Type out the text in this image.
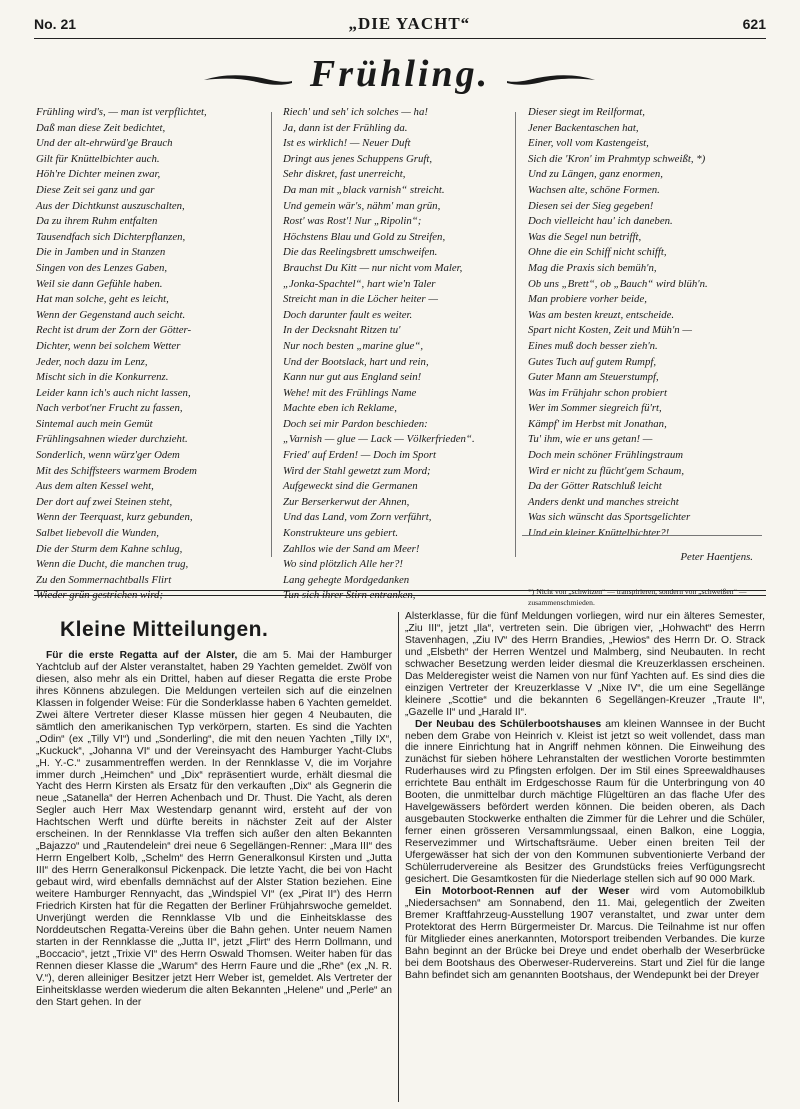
No. 21	„DIE YACHT“	621
Frühling.
Frühling wird's, — man ist verpflichtet,
Daß man diese Zeit bedichtet,
Und der alt-ehrwürd'ge Brauch
Gilt für Knüttelbichter auch.
Höh're Dichter meinen zwar,
Diese Zeit sei ganz und gar
Aus der Dichtkunst auszuschalten,
Da zu ihrem Ruhm entfalten
Tausendfach sich Dichterpflanzen,
Die in Jamben und in Stanzen
Singen von des Lenzes Gaben,
Weil sie dann Gefühle haben.
Hat man solche, geht es leicht,
Wenn der Gegenstand auch seicht.
Recht ist drum der Zorn der Götter-
Dichter, wenn bei solchem Wetter
Jeder, noch dazu im Lenz,
Mischt sich in die Konkurrenz.
Leider kann ich's auch nicht lassen,
Nach verbot'ner Frucht zu fassen,
Sintemal auch mein Gemüt
Frühlingsahnen wieder durchzieht.
Sonderlich, wenn würz'ger Odem
Mit des Schiffsteers warmem Brodem
Aus dem alten Kessel weht,
Der dort auf zwei Steinen steht,
Wenn der Teerquast, kurz gebunden,
Salbet liebevoll die Wunden,
Die der Sturm dem Kahne schlug,
Wenn die Ducht, die manchen trug,
Zu den Sommernachtballs Flirt
Wieder grün gestrichen wird;
Riech' und seh' ich solches — ha!
Ja, dann ist der Frühling da.
Ist es wirklich! — Neuer Duft
Dringt aus jenes Schuppens Gruft,
Sehr diskret, fast unerreicht,
Da man mit „black varnish“ streicht.
Und gemein wär's, nähm' man grün,
Rost' was Rost'! Nur „Ripolin“;
Höchstens Blau und Gold zu Streifen,
Die das Reelingsbrett umschweifen.
Brauchst Du Kitt — nur nicht vom Maler,
„Jonka-Spachtel“, hart wie'n Taler
Streicht man in die Löcher heiter —
Doch darunter fault es weiter.
In der Decksnaht Ritzen tu'
Nur noch besten „marine glue“,
Und der Bootslack, hart und rein,
Kann nur gut aus England sein!
Wehe! mit des Frühlings Name
Machte eben ich Reklame,
Doch sei mir Pardon beschieden:
„Varnish — glue — Lack — Völkerfrieden“.
Fried' auf Erden! — Doch im Sport
Wird der Stahl gewetzt zum Mord;
Aufgeweckt sind die Germanen
Zur Berserkerwut der Ahnen,
Und das Land, vom Zorn verführt,
Konstrukteure uns gebiert.
Zahllos wie der Sand am Meer!
Wo sind plötzlich Alle her?!
Lang gehegte Mordgedanken
Tun sich ihrer Stirn entranken,
Dieser siegt im Reilformat,
Jener Backentaschen hat,
Einer, voll vom Kastengeist,
Sich die 'Kron' im Prahmtyp schweißt, *)
Und zu Längen, ganz enormen,
Wachsen alte, schöne Formen.
Diesen sei der Sieg gegeben!
Doch vielleicht hau' ich daneben.
Was die Segel nun betrifft,
Ohne die ein Schiff nicht schifft,
Mag die Praxis sich bemüh'n,
Ob uns „Brett“, ob „Bauch“ wird blüh'n.
Man probiere vorher beide,
Was am besten kreuzt, entscheide.
Spart nicht Kosten, Zeit und Müh'n —
Eines muß doch besser zieh'n.
Gutes Tuch auf gutem Rumpf,
Guter Mann am Steuerstumpf,
Was im Frühjahr schon probiert
Wer im Sommer siegreich fü'rt,
Kämpf' im Herbst mit Jonathan,
Tu' ihm, wie er uns getan! —
Doch mein schöner Frühlingstraum
Wird er nicht zu flücht'gem Schaum,
Da der Götter Ratschluß leicht
Anders denkt und manches streicht
Was sich wünscht das Sportsgelichter
Und ein kleiner Knüttelbichter?!
Peter Haentjens.
*) Nicht von „schwitzen“ — transpirieren, sondern von „schweißen“ — zusammenschmieden.
Kleine Mitteilungen.

Für die erste Regatta auf der Alster, die am 5. Mai der Hamburger Yachtclub auf der Alster veranstaltet, haben 29 Yachten gemeldet. Zwölf von diesen, also mehr als ein Drittel, haben auf dieser Regatta die erste Probe ihres Könnens abzulegen. Die Meldungen verteilen sich auf die einzelnen Klassen in folgender Weise: Für die Sonderklasse haben 6 Yachten gemeldet. Zwei ältere Vertreter dieser Klasse müssen hier gegen 4 Neubauten, die sämtlich den amerikanischen Typ verkörpern, starten. Es sind die Yachten „Odin“ (ex „Tilly VI“) und „Sonderling“, die mit den neuen Yachten „Tilly IX“, „Kuckuck“, „Johanna VI“ und der Vereinsyacht des Hamburger Yacht-Clubs „H. Y.-C.“ zusammentreffen werden. In der Rennklasse V, die im Vorjahre immer durch „Heimchen“ und „Dix“ repräsentiert wurde, erhält diesmal die Yacht des Herrn Kirsten als Ersatz für den verkauften „Dix“ als Gegnerin die neue „Satanella“ der Herren Achenbach und Dr. Thust. Die Yacht, als deren Segler auch Herr Max Westendarp genannt wird, ersteht auf der von Hachtschen Werft und dürfte bereits in nächster Zeit auf der Alster erscheinen. In der Rennklasse VIa treffen sich außer den alten Bekannten „Bajazzo“ und „Rautendelein“ drei neue 6 Segellängen-Renner: „Mara III“ des Herrn Engelbert Kolb, „Schelm“ des Herrn Generalkonsul Kirsten und „Jutta III“ des Herrn Generalkonsul Pickenpack. Die letzte Yacht, die bei von Hacht gebaut wird, wird ebenfalls demnächst auf der Alster Station beziehen. Eine weitere Hamburger Rennyacht, das „Windspiel VI“ (ex „Pirat II“) des Herrn Friedrich Kirsten hat für die Regatten der Berliner Frühjahrswoche gemeldet. Unverjüngt werden die Rennklasse VIb und die Einheitsklasse des Norddeutschen Regatta-Vereins über die Bahn gehen. Unter neuem Namen starten in der Rennklasse die „Jutta II“, jetzt „Flirt“ des Herrn Dollmann, und „Boccacio“, jetzt „Trixie VI“ des Herrn Oswald Thomsen. Weiter haben für das Rennen dieser Klasse die „Warum“ des Herrn Faure und die „Rhe“ (ex „N. R. V.“), deren alleiniger Besitzer jetzt Herr Weber ist, gemeldet. Als Vertreter der Einheitsklasse werden wiederum die alten Bekannten „Helene“ und „Perle“ an den Start gehen. In der

Alsterklasse, für die fünf Meldungen vorliegen, wird nur ein älteres Semester, „Ziu III“, jetzt „Ila“, vertreten sein. Die übrigen vier, „Hohwacht“ des Herrn Stavenhagen, „Ziu IV“ des Herrn Brandies, „Hewios“ des Herrn Dr. O. Strack und „Elsbeth“ der Herren Wentzel und Malmberg, sind Neubauten. In recht schwacher Besetzung werden leider diesmal die Kreuzerklassen erscheinen. Das Melderegister weist die Namen von nur fünf Yachten auf. Es sind dies die einzigen Vertreter der Kreuzerklasse V „Nixe IV“, die um eine Segellänge kleinere „Scottie“ und die bekannten 6 Segellängen-Kreuzer „Traute II“, „Gazelle II“ und „Harald II“.

Der Neubau des Schülerbootshauses am kleinen Wannsee in der Bucht neben dem Grabe von Heinrich v. Kleist ist jetzt so weit vollendet, dass man die innere Einrichtung hat in Angriff nehmen können. Die Einweihung des zunächst für sieben höhere Lehranstalten der westlichen Vororte bestimmten Ruderhauses wird zu Pfingsten erfolgen. Der im Stil eines Spreewaldhauses errichtete Bau enthält im Erdgeschosse Raum für die Unterbringung von 40 Booten, die unmittelbar durch mächtige Flügeltüren an das flache Ufer des Havelgewässers befördert werden können. Die beiden oberen, als Dach ausgebauten Stockwerke enthalten die Zimmer für die Lehrer und die Schüler, ferner einen grösseren Versammlungssaal, einen Balkon, eine Loggia, Reservezimmer und Wirtschaftsräume. Ueber einen breiten Teil der Ufergewässer hat sich der von den Kommunen subventionierte Verband der Schülerrudervereine als Besitzer des Grundstücks freies Verfügungsrecht gesichert. Die Gesamtkosten für die Niederlage stellen sich auf 90 000 Mark.

Ein Motorboot-Rennen auf der Weser wird vom Automobilklub „Niedersachsen“ am Sonnabend, den 11. Mai, gelegentlich der Zweiten Bremer Kraftfahrzeug-Ausstellung 1907 veranstaltet, und zwar unter dem Protektorat des Herrn Bürgermeister Dr. Marcus. Die Teilnahme ist nur offen für Mitglieder eines anerkannten, Motorsport treibenden Verbandes. Die kurze Bahn beginnt an der Brücke bei Dreye und endet oberhalb der Weserbrücke bei dem Bootshaus des Oberweser-Rudervereins. Start und Ziel für die lange Bahn befindet sich am genannten Bootshaus, der Wendepunkt bei der Dreyer
